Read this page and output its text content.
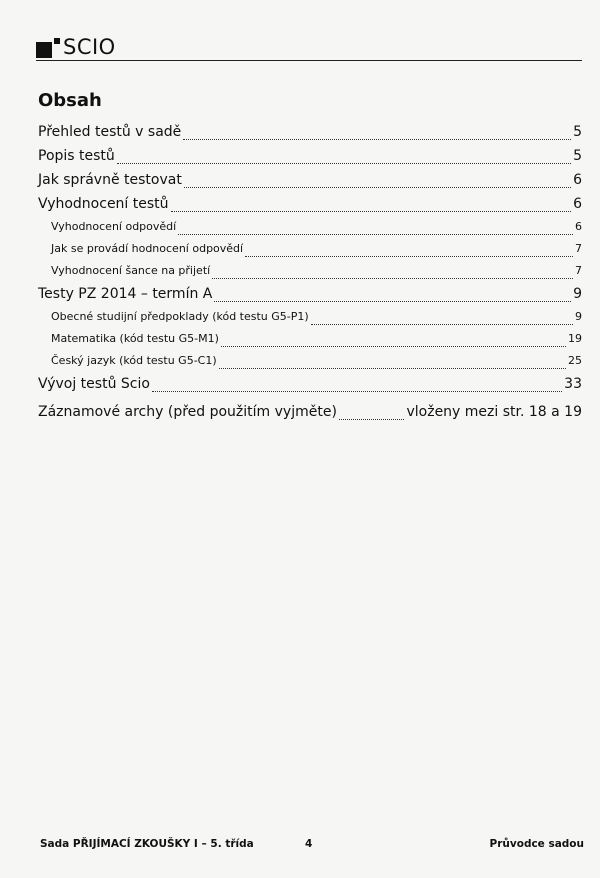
SCIO
Obsah
Přehled testů v sadě	5
Popis testů	5
Jak správně testovat	6
Vyhodnocení testů	6
Vyhodnocení odpovědí	6
Jak se provádí hodnocení odpovědí	7
Vyhodnocení šance na přijetí	7
Testy PZ 2014 – termín A	9
Obecné studijní předpoklady (kód testu G5-P1)	9
Matematika (kód testu G5-M1)	19
Český jazyk (kód testu G5-C1)	25
Vývoj testů Scio	33
Záznamové archy (před použitím vyjměte)	vloženy mezi str. 18 a 19
Sada PŘIJÍMACÍ ZKOUŠKY I – 5. třída	4	Průvodce sadou
